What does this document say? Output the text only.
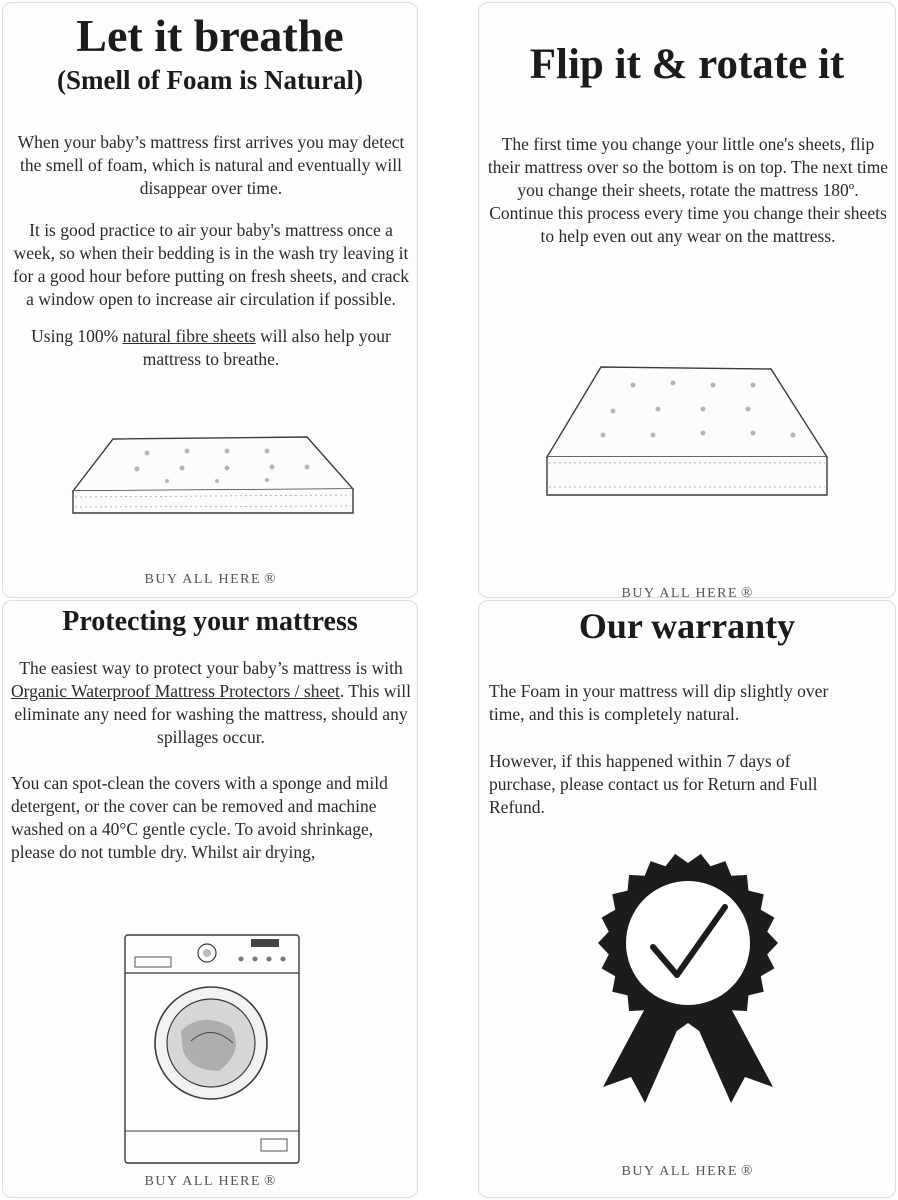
Let it breathe
(Smell of Foam is Natural)

When your baby’s mattress first arrives you may detect the smell of foam, which is natural and eventually will disappear over time.

It is good practice to air your baby's mattress once a week, so when their bedding is in the wash try leaving it for a good hour before putting on fresh sheets, and crack a window open to increase air circulation if possible.

Using 100% natural fibre sheets will also help your mattress to breathe.

BUY ALL HERE ®
Flip it & rotate it

The first time you change your little one's sheets, flip their mattress over so the bottom is on top. The next time you change their sheets, rotate the mattress 180º. Continue this process every time you change their sheets to help even out any wear on the mattress.

BUY ALL HERE ®
Protecting your mattress

The easiest way to protect your baby’s mattress is with Organic Waterproof Mattress Protectors / sheet. This will eliminate any need for washing the mattress, should any spillages occur.

You can spot-clean the covers with a sponge and mild detergent, or the cover can be removed and machine washed on a 40°C gentle cycle. To avoid shrinkage, please do not tumble dry. Whilst air drying,

BUY ALL HERE ®
Our warranty

The Foam in your mattress will dip slightly over time, and this is completely natural.

However, if this happened within 7 days of purchase, please contact us for Return and Full Refund.

BUY ALL HERE ®
